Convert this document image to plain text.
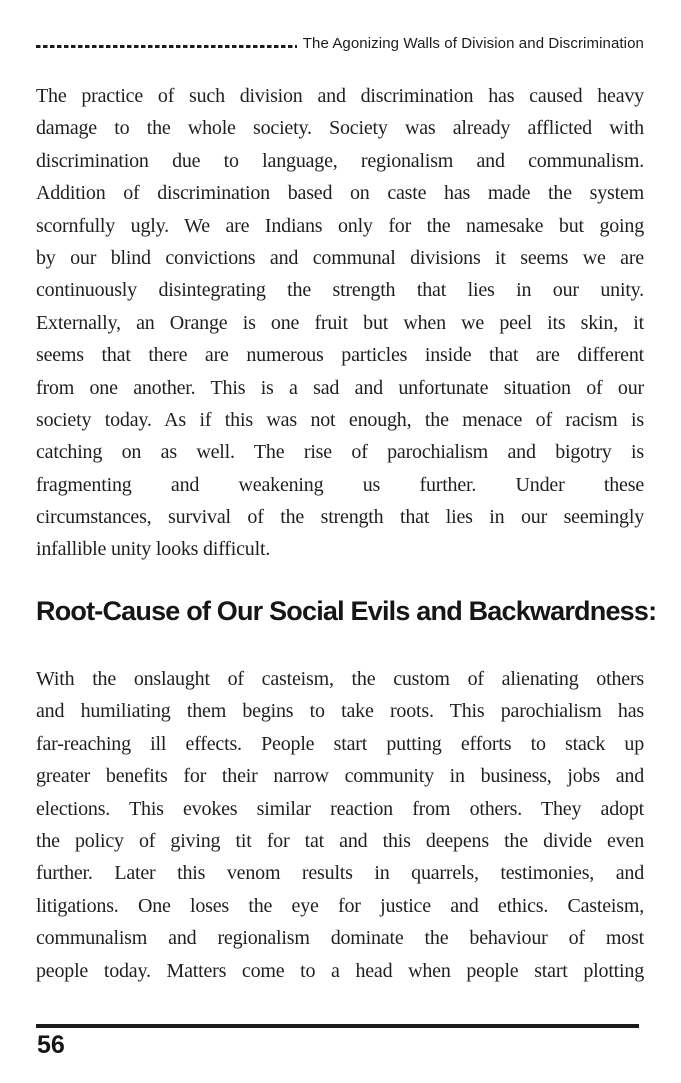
The Agonizing Walls of Division and Discrimination
The practice of such division and discrimination has caused heavy
damage to the whole society. Society was already afflicted with
discrimination due to language, regionalism and communalism.
Addition of discrimination based on caste has made the system
scornfully ugly. We are Indians only for the namesake but going
by our blind convictions and communal divisions it seems we are
continuously disintegrating the strength that lies in our unity.
Externally, an Orange is one fruit but when we peel its skin, it
seems that there are numerous particles inside that are different
from one another. This is a sad and unfortunate situation of our
society today. As if this was not enough, the menace of racism is
catching on as well. The rise of parochialism and bigotry is
fragmenting and weakening us further. Under these
circumstances, survival of the strength that lies in our seemingly
infallible unity looks difficult.
Root-Cause of Our Social Evils and Backwardness:
With the onslaught of casteism, the custom of alienating others
and humiliating them begins to take roots. This parochialism has
far-reaching ill effects. People start putting efforts to stack up
greater benefits for their narrow community in business, jobs and
elections. This evokes similar reaction from others. They adopt
the policy of giving tit for tat and this deepens the divide even
further. Later this venom results in quarrels, testimonies, and
litigations. One loses the eye for justice and ethics. Casteism,
communalism and regionalism dominate the behaviour of most
people today. Matters come to a head when people start plotting
56
